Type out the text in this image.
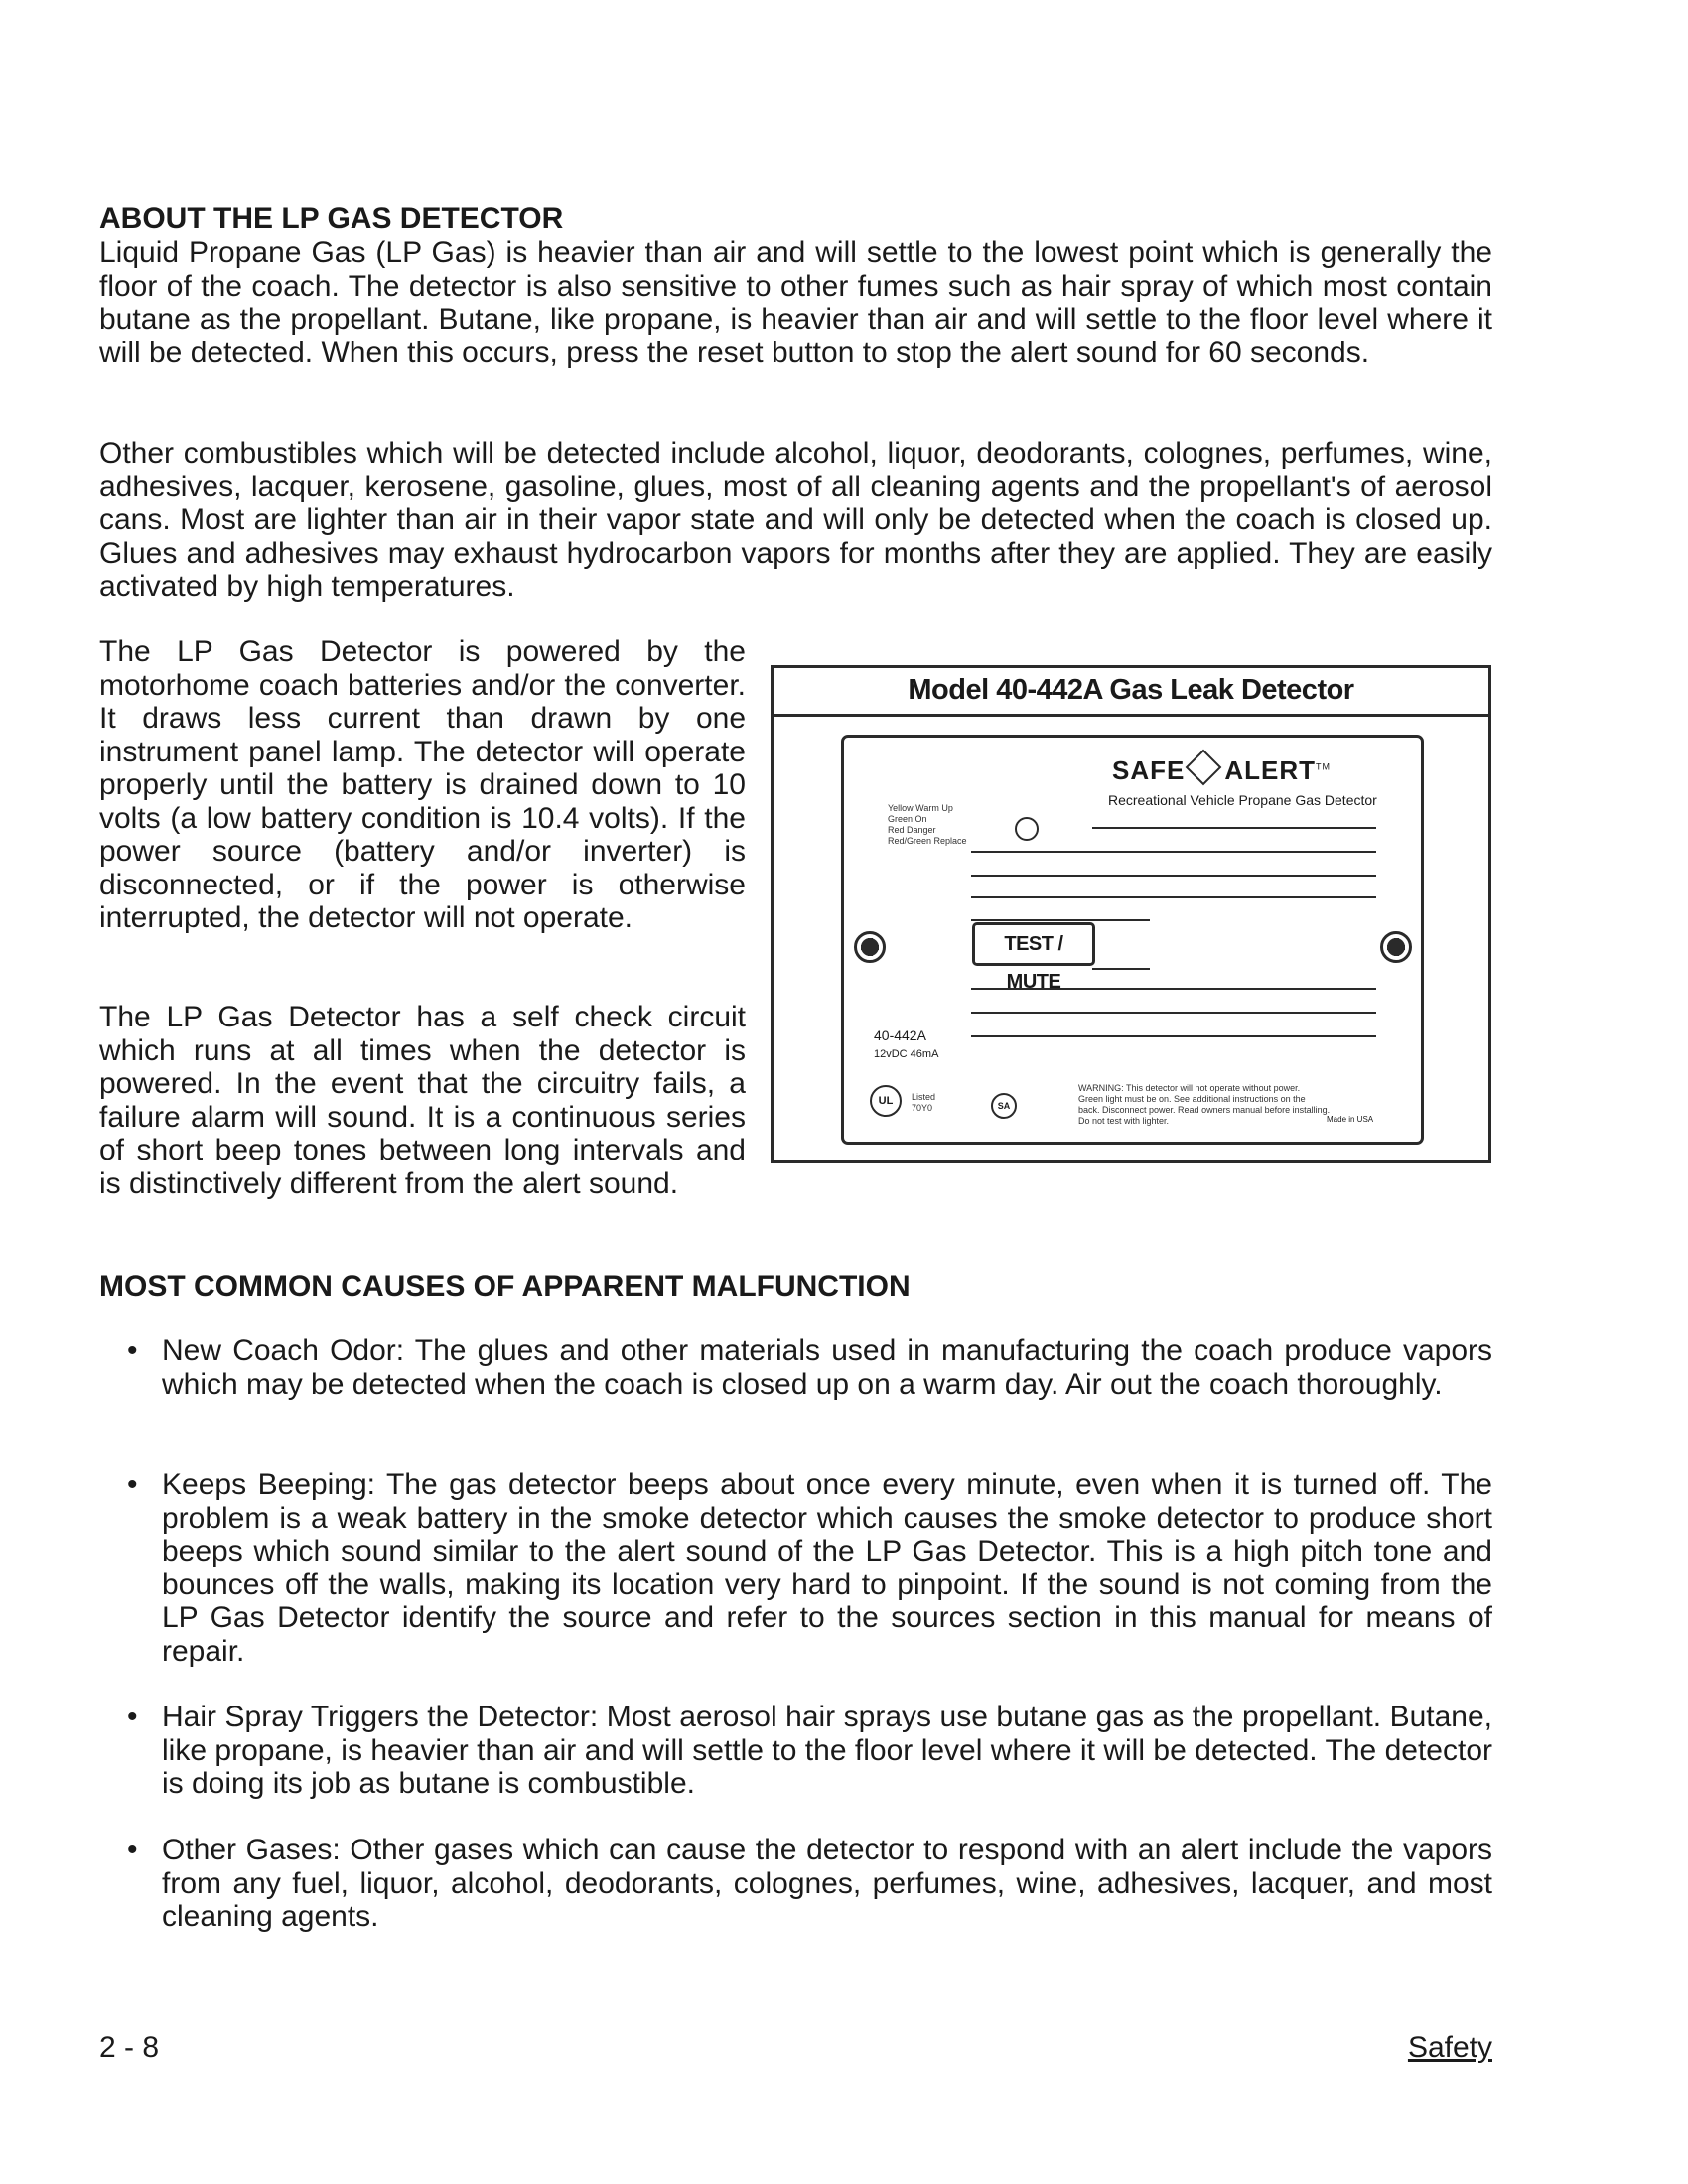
ABOUT THE LP GAS DETECTOR

Liquid Propane Gas (LP Gas) is heavier than air and will settle to the lowest point which is generally the floor of the coach. The detector is also sensitive to other fumes such as hair spray of which most contain butane as the propellant. Butane, like propane, is heavier than air and will settle to the floor level where it will be detected. When this occurs, press the reset button to stop the alert sound for 60 seconds.

Other combustibles which will be detected include alcohol, liquor, deodorants, colognes, perfumes, wine, adhesives, lacquer, kerosene, gasoline, glues, most of all cleaning agents and the propellant's of aerosol cans. Most are lighter than air in their vapor state and will only be detected when the coach is closed up. Glues and adhesives may exhaust hydrocarbon vapors for months after they are applied. They are easily activated by high temperatures.

The LP Gas Detector is powered by the motorhome coach batteries and/or the converter. It draws less current than drawn by one instrument panel lamp. The detector will operate properly until the battery is drained down to 10 volts (a low battery condition is 10.4 volts). If the power source (battery and/or inverter) is disconnected, or if the power is otherwise interrupted, the detector will not operate.

The LP Gas Detector has a self check circuit which runs at all times when the detector is powered. In the event that the circuitry fails, a failure alarm will sound. It is a continuous series of short beep tones between long intervals and is distinctively different from the alert sound.

Model 40-442A Gas Leak Detector
SAFE ALERT™
Recreational Vehicle Propane Gas Detector
Yellow Warm Up
Green On
Red Danger
Red/Green Replace
TEST / MUTE
40-442A
12vDC 46mA
UL	Listed
70Y0	SA
WARNING: This detector will not operate without power.
Green light must be on. See additional instructions on the
back. Disconnect power. Read owners manual before installing.
Do not test with lighter.	Made in USA
MOST COMMON CAUSES OF APPARENT MALFUNCTION
• New Coach Odor: The glues and other materials used in manufacturing the coach produce vapors which may be detected when the coach is closed up on a warm day. Air out the coach thoroughly.

• Keeps Beeping: The gas detector beeps about once every minute, even when it is turned off. The problem is a weak battery in the smoke detector which causes the smoke detector to produce short beeps which sound similar to the alert sound of the LP Gas Detector. This is a high pitch tone and bounces off the walls, making its location very hard to pinpoint. If the sound is not coming from the LP Gas Detector identify the source and refer to the sources section in this manual for means of repair.

• Hair Spray Triggers the Detector: Most aerosol hair sprays use butane gas as the propellant. Butane, like propane, is heavier than air and will settle to the floor level where it will be detected. The detector is doing its job as butane is combustible.

• Other Gases: Other gases which can cause the detector to respond with an alert include the vapors from any fuel, liquor, alcohol, deodorants, colognes, perfumes, wine, adhesives, lacquer, and most cleaning agents.

2 - 8	Safety
